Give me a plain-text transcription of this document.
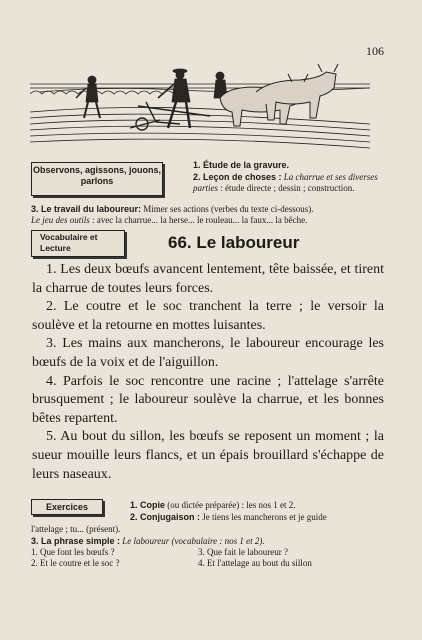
106
Observons, agissons, jouons, parlons
1. Étude de la gravure.
2. Leçon de choses : La charrue et ses diverses parties : étude directe ; dessin ; construction.
3. Le travail du laboureur: Mimer ses actions (verbes du texte ci-dessous).
Le jeu des outils : avec la charrue... la herse... le rouleau... la faux... la bêche.
Vocabulaire et Lecture	66. Le laboureur

1. Les deux bœufs avancent lentement, tête baissée, et tirent la charrue de toutes leurs forces.

2. Le coutre et le soc tranchent la terre ; le versoir la soulève et la retourne en mottes luisantes.

3. Les mains aux mancherons, le laboureur encourage les bœufs de la voix et de l'aiguillon.

4. Parfois le soc rencontre une racine ; l'attelage s'arrête brusquement ; le laboureur soulève la charrue, et les bonnes bêtes repartent.

5. Au bout du sillon, les bœufs se reposent un moment ; la sueur mouille leurs flancs, et un épais brouillard s'échappe de leurs naseaux.

Exercices	1. Copie (ou dictée préparée) : les nos 1 et 2.
2. Conjugaison : Je tiens les mancherons et je guide
l'attelage ; tu... (présent).
3. La phrase simple : Le laboureur (vocabulaire : nos 1 et 2).
1. Que font les bœufs ?
2. Et le coutre et le soc ?
3. Que fait le laboureur ?
4. Et l'attelage au bout du sillon
